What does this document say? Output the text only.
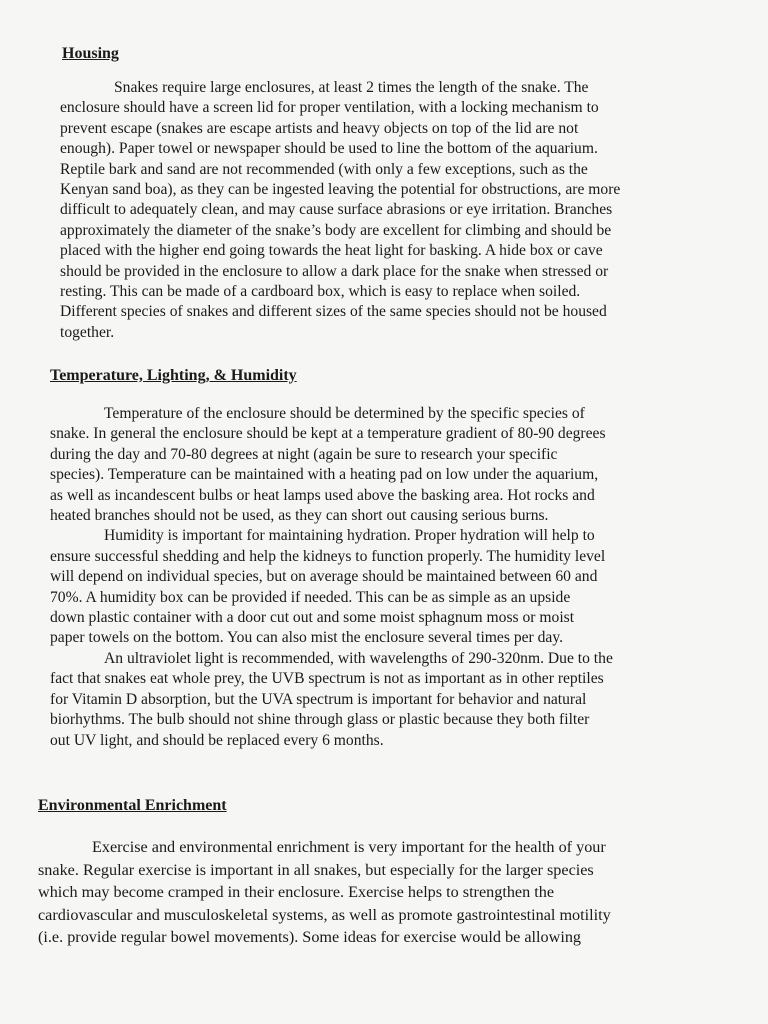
Housing

Snakes require large enclosures, at least 2 times the length of the snake. The
enclosure should have a screen lid for proper ventilation, with a locking mechanism to
prevent escape (snakes are escape artists and heavy objects on top of the lid are not
enough). Paper towel or newspaper should be used to line the bottom of the aquarium.
Reptile bark and sand are not recommended (with only a few exceptions, such as the
Kenyan sand boa), as they can be ingested leaving the potential for obstructions, are more
difficult to adequately clean, and may cause surface abrasions or eye irritation. Branches
approximately the diameter of the snake’s body are excellent for climbing and should be
placed with the higher end going towards the heat light for basking. A hide box or cave
should be provided in the enclosure to allow a dark place for the snake when stressed or
resting. This can be made of a cardboard box, which is easy to replace when soiled.
Different species of snakes and different sizes of the same species should not be housed
together.

Temperature, Lighting, & Humidity

Temperature of the enclosure should be determined by the specific species of
snake. In general the enclosure should be kept at a temperature gradient of 80-90 degrees
during the day and 70-80 degrees at night (again be sure to research your specific
species). Temperature can be maintained with a heating pad on low under the aquarium,
as well as incandescent bulbs or heat lamps used above the basking area. Hot rocks and
heated branches should not be used, as they can short out causing serious burns.

Humidity is important for maintaining hydration. Proper hydration will help to
ensure successful shedding and help the kidneys to function properly. The humidity level
will depend on individual species, but on average should be maintained between 60 and
70%. A humidity box can be provided if needed. This can be as simple as an upside
down plastic container with a door cut out and some moist sphagnum moss or moist
paper towels on the bottom. You can also mist the enclosure several times per day.

An ultraviolet light is recommended, with wavelengths of 290-320nm. Due to the
fact that snakes eat whole prey, the UVB spectrum is not as important as in other reptiles
for Vitamin D absorption, but the UVA spectrum is important for behavior and natural
biorhythms. The bulb should not shine through glass or plastic because they both filter
out UV light, and should be replaced every 6 months.

Environmental Enrichment

Exercise and environmental enrichment is very important for the health of your
snake. Regular exercise is important in all snakes, but especially for the larger species
which may become cramped in their enclosure. Exercise helps to strengthen the
cardiovascular and musculoskeletal systems, as well as promote gastrointestinal motility
(i.e. provide regular bowel movements). Some ideas for exercise would be allowing
